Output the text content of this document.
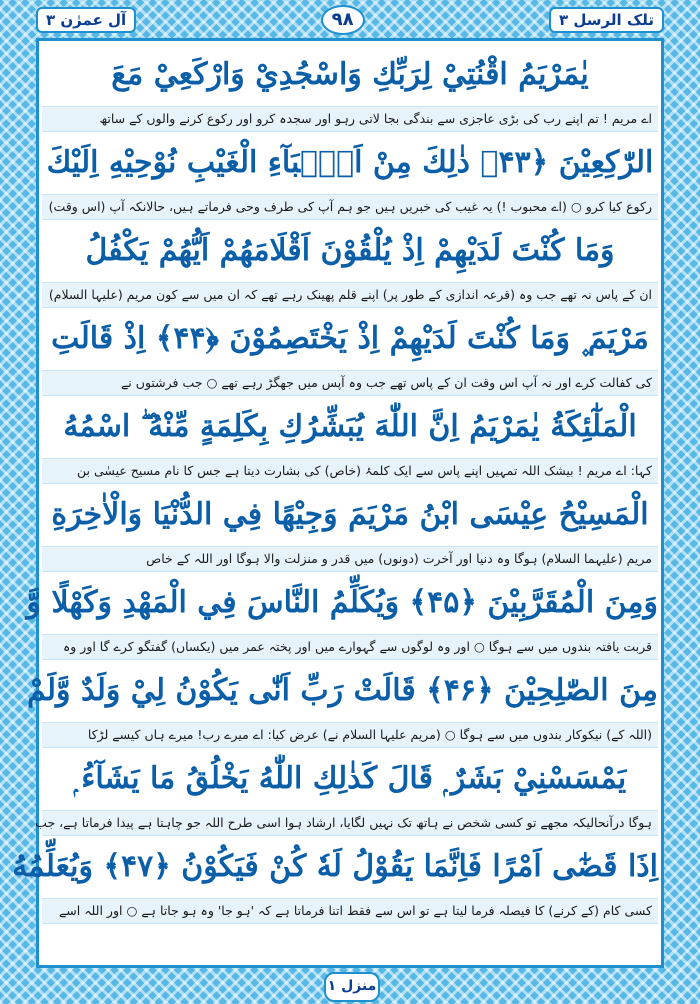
آل عمرٰن ۳	۹۸	تلک الرسل ۳
يٰمَرْيَمُ اقْنُتِيْ لِرَبِّكِ وَاسْجُدِيْ وَارْكَعِيْ مَعَ
اے مریم ! تم اپنے رب کی بڑی عاجزی سے بندگی بجا لاتی رہو اور سجدہ کرو اور رکوع کرنے والوں کے ساتھ
الرّٰكِعِيْنَ ﴿۴۳﴾ ذٰلِكَ مِنْ اَنْۢبَآءِ الْغَيْبِ نُوْحِيْهِ اِلَيْكَ
رکوع کیا کرو ○ (اے محبوب !) یہ غیب کی خبریں ہیں جو ہم آپ کی طرف وحی فرماتے ہیں، حالانکہ آپ (اس وقت)
وَمَا كُنْتَ لَدَيْهِمْ اِذْ يُلْقُوْنَ اَقْلَامَهُمْ اَيُّهُمْ يَكْفُلُ
ان کے پاس نہ تھے جب وہ (قرعہ اندازی کے طور پر) اپنے قلم پھینک رہے تھے کہ ان میں سے کون مریم (علیہا السلام)
مَرْيَمَ ۪ وَمَا كُنْتَ لَدَيْهِمْ اِذْ يَخْتَصِمُوْنَ ﴿۴۴﴾ اِذْ قَالَتِ
کی کفالت کرے اور نہ آپ اس وقت ان کے پاس تھے جب وہ آپس میں جھگڑ رہے تھے ○ جب فرشتوں نے
الْمَلٰٓئِكَةُ يٰمَرْيَمُ اِنَّ اللّٰهَ يُبَشِّرُكِ بِكَلِمَةٍ مِّنْهُ ۖ اسْمُهُ
کہا: اے مریم ! بیشک اللہ تمہیں اپنے پاس سے ایک کلمۂ (خاص) کی بشارت دیتا ہے جس کا نام مسیح عیسٰی بن
الْمَسِيْحُ عِيْسَى ابْنُ مَرْيَمَ وَجِيْهًا فِي الدُّنْيَا وَالْاٰخِرَةِ
مریم (علیہما السلام) ہوگا وہ دنیا اور آخرت (دونوں) میں قدر و منزلت والا ہوگا اور اللہ کے خاص
وَمِنَ الْمُقَرَّبِيْنَ ﴿۴۵﴾ وَيُكَلِّمُ النَّاسَ فِي الْمَهْدِ وَكَهْلًا وَّ
قربت یافتہ بندوں میں سے ہوگا ○ اور وہ لوگوں سے گہوارے میں اور پختہ عمر میں (یکساں) گفتگو کرے گا اور وہ
مِنَ الصّٰلِحِيْنَ ﴿۴۶﴾ قَالَتْ رَبِّ اَنّٰى يَكُوْنُ لِيْ وَلَدٌ وَّلَمْ
(اللہ کے) نیکوکار بندوں میں سے ہوگا ○ (مریم علیہا السلام نے) عرض کیا: اے میرے رب! میرے ہاں کیسے لڑکا
يَمْسَسْنِيْ بَشَرٌ ۭ قَالَ كَذٰلِكِ اللّٰهُ يَخْلُقُ مَا يَشَآءُ ۭ
ہوگا درآنحالیکہ مجھے تو کسی شخص نے ہاتھ تک نہیں لگایا، ارشاد ہوا اسی طرح اللہ جو چاہتا ہے پیدا فرماتا ہے، جب
اِذَا قَضٰٓى اَمْرًا فَاِنَّمَا يَقُوْلُ لَهٗ كُنْ فَيَكُوْنُ ﴿۴۷﴾ وَيُعَلِّمُهُ
کسی کام (کے کرنے) کا فیصلہ فرما لیتا ہے تو اس سے فقط اتنا فرماتا ہے کہ 'ہو جا' وہ ہو جاتا ہے ○ اور اللہ اسے
منزل ۱
